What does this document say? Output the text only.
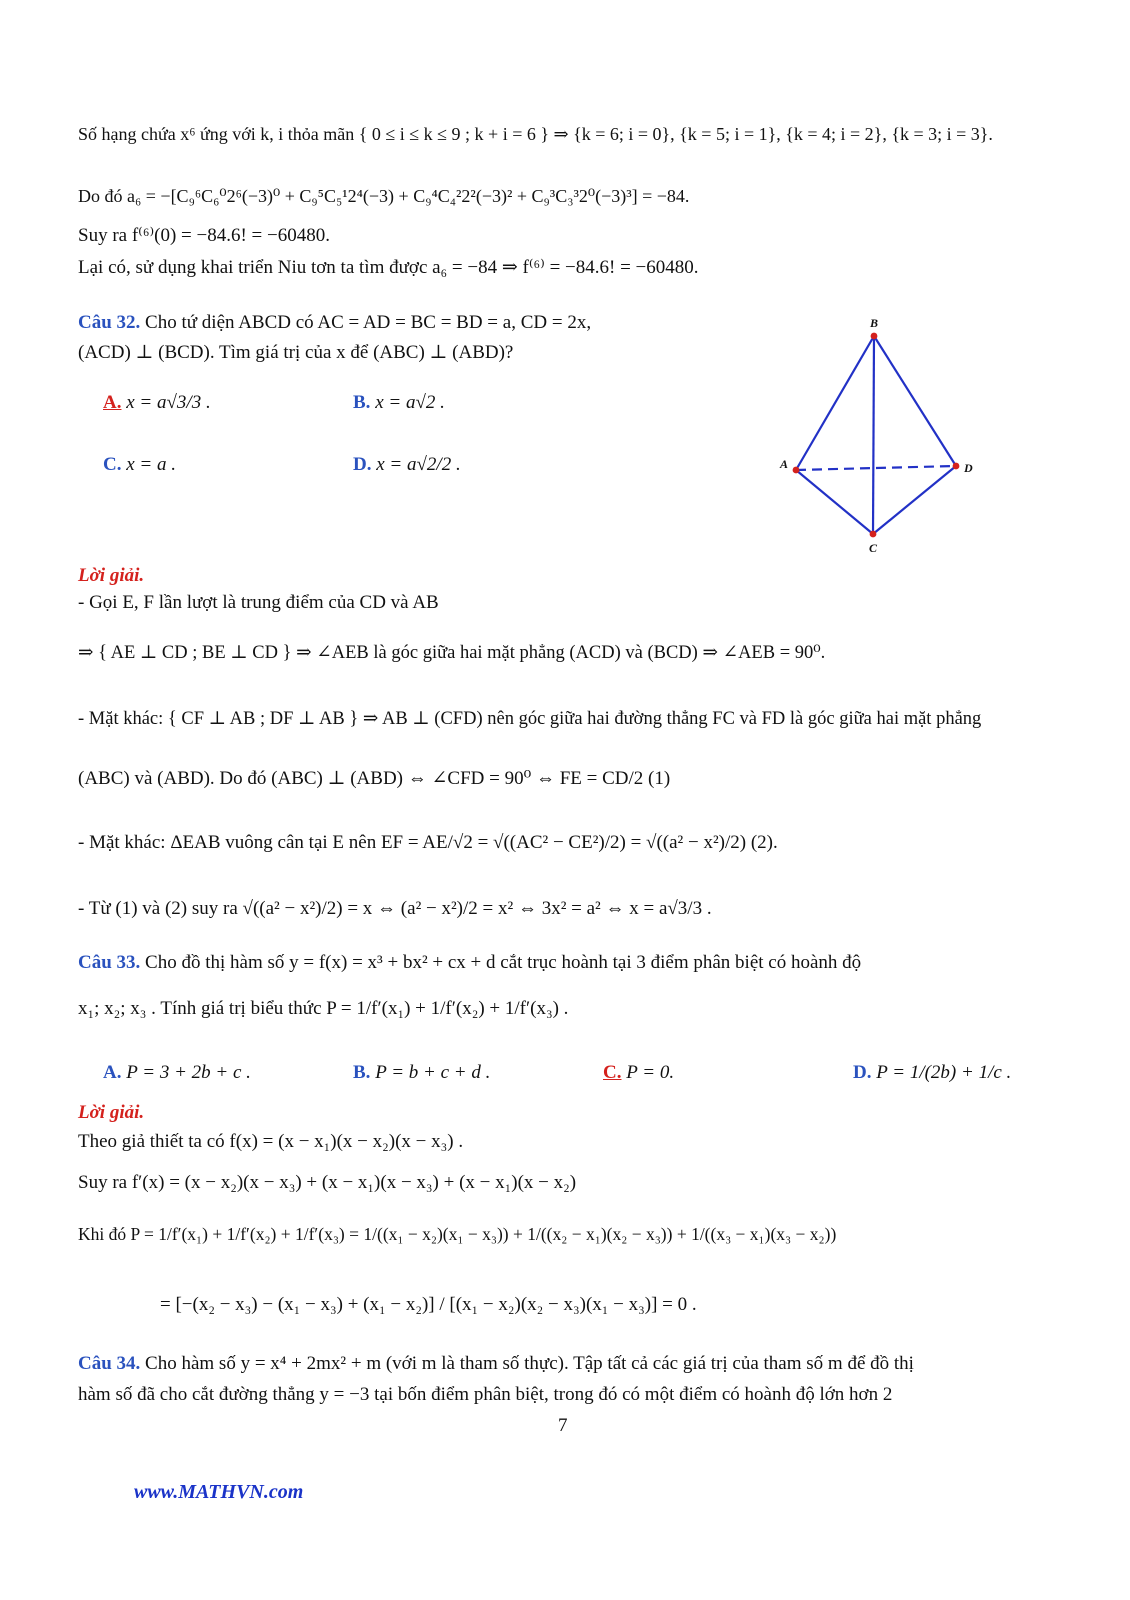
Số hạng chứa x⁶ ứng với k, i thỏa mãn { 0 ≤ i ≤ k ≤ 9 ; k + i = 6 } ⇒ {k = 6; i = 0}, {k = 5; i = 1}, {k = 4; i = 2}, {k = 3; i = 3}.
Do đó a₆ = −[C₉⁶C₆⁰2⁶(−3)⁰ + C₉⁵C₅¹2⁴(−3) + C₉⁴C₄²2²(−3)² + C₉³C₃³2⁰(−3)³] = −84.
Suy ra f⁽⁶⁾(0) = −84.6! = −60480.
Lại có, sử dụng khai triển Niu tơn ta tìm được a₆ = −84 ⇒ f⁽⁶⁾ = −84.6! = −60480.
Câu 32. Cho tứ diện ABCD có AC = AD = BC = BD = a, CD = 2x,
(ACD) ⊥ (BCD). Tìm giá trị của x để (ABC) ⊥ (ABD)?
A. x = a√3/3 .	B. x = a√2 .
C. x = a .	D. x = a√2/2 .
B
A	D
C
Lời giải.
- Gọi E, F lần lượt là trung điểm của CD và AB
⇒ { AE ⊥ CD ; BE ⊥ CD } ⇒ ∠AEB là góc giữa hai mặt phẳng (ACD) và (BCD) ⇒ ∠AEB = 90⁰.
- Mặt khác: { CF ⊥ AB ; DF ⊥ AB } ⇒ AB ⊥ (CFD) nên góc giữa hai đường thẳng FC và FD là góc giữa hai mặt phẳng
(ABC) và (ABD). Do đó (ABC) ⊥ (ABD) ⇔ ∠CFD = 90⁰ ⇔ FE = CD/2 (1)
- Mặt khác: ΔEAB vuông cân tại E nên EF = AE/√2 = √((AC² − CE²)/2) = √((a² − x²)/2) (2).
- Từ (1) và (2) suy ra √((a² − x²)/2) = x ⇔ (a² − x²)/2 = x² ⇔ 3x² = a² ⇔ x = a√3/3 .
Câu 33. Cho đồ thị hàm số y = f(x) = x³ + bx² + cx + d cắt trục hoành tại 3 điểm phân biệt có hoành độ
x₁; x₂; x₃ . Tính giá trị biểu thức P = 1/f′(x₁) + 1/f′(x₂) + 1/f′(x₃) .
A. P = 3 + 2b + c .	B. P = b + c + d .	C. P = 0.	D. P = 1/(2b) + 1/c .
Lời giải.
Theo giả thiết ta có f(x) = (x − x₁)(x − x₂)(x − x₃) .
Suy ra f′(x) = (x − x₂)(x − x₃) + (x − x₁)(x − x₃) + (x − x₁)(x − x₂)
Khi đó P = 1/f′(x₁) + 1/f′(x₂) + 1/f′(x₃) = 1/((x₁ − x₂)(x₁ − x₃)) + 1/((x₂ − x₁)(x₂ − x₃)) + 1/((x₃ − x₁)(x₃ − x₂))
= [−(x₂ − x₃) − (x₁ − x₃) + (x₁ − x₂)] / [(x₁ − x₂)(x₂ − x₃)(x₁ − x₃)] = 0 .
Câu 34. Cho hàm số y = x⁴ + 2mx² + m (với m là tham số thực). Tập tất cả các giá trị của tham số m để đồ thị
hàm số đã cho cắt đường thẳng y = −3 tại bốn điểm phân biệt, trong đó có một điểm có hoành độ lớn hơn 2
7
www.MATHVN.com
